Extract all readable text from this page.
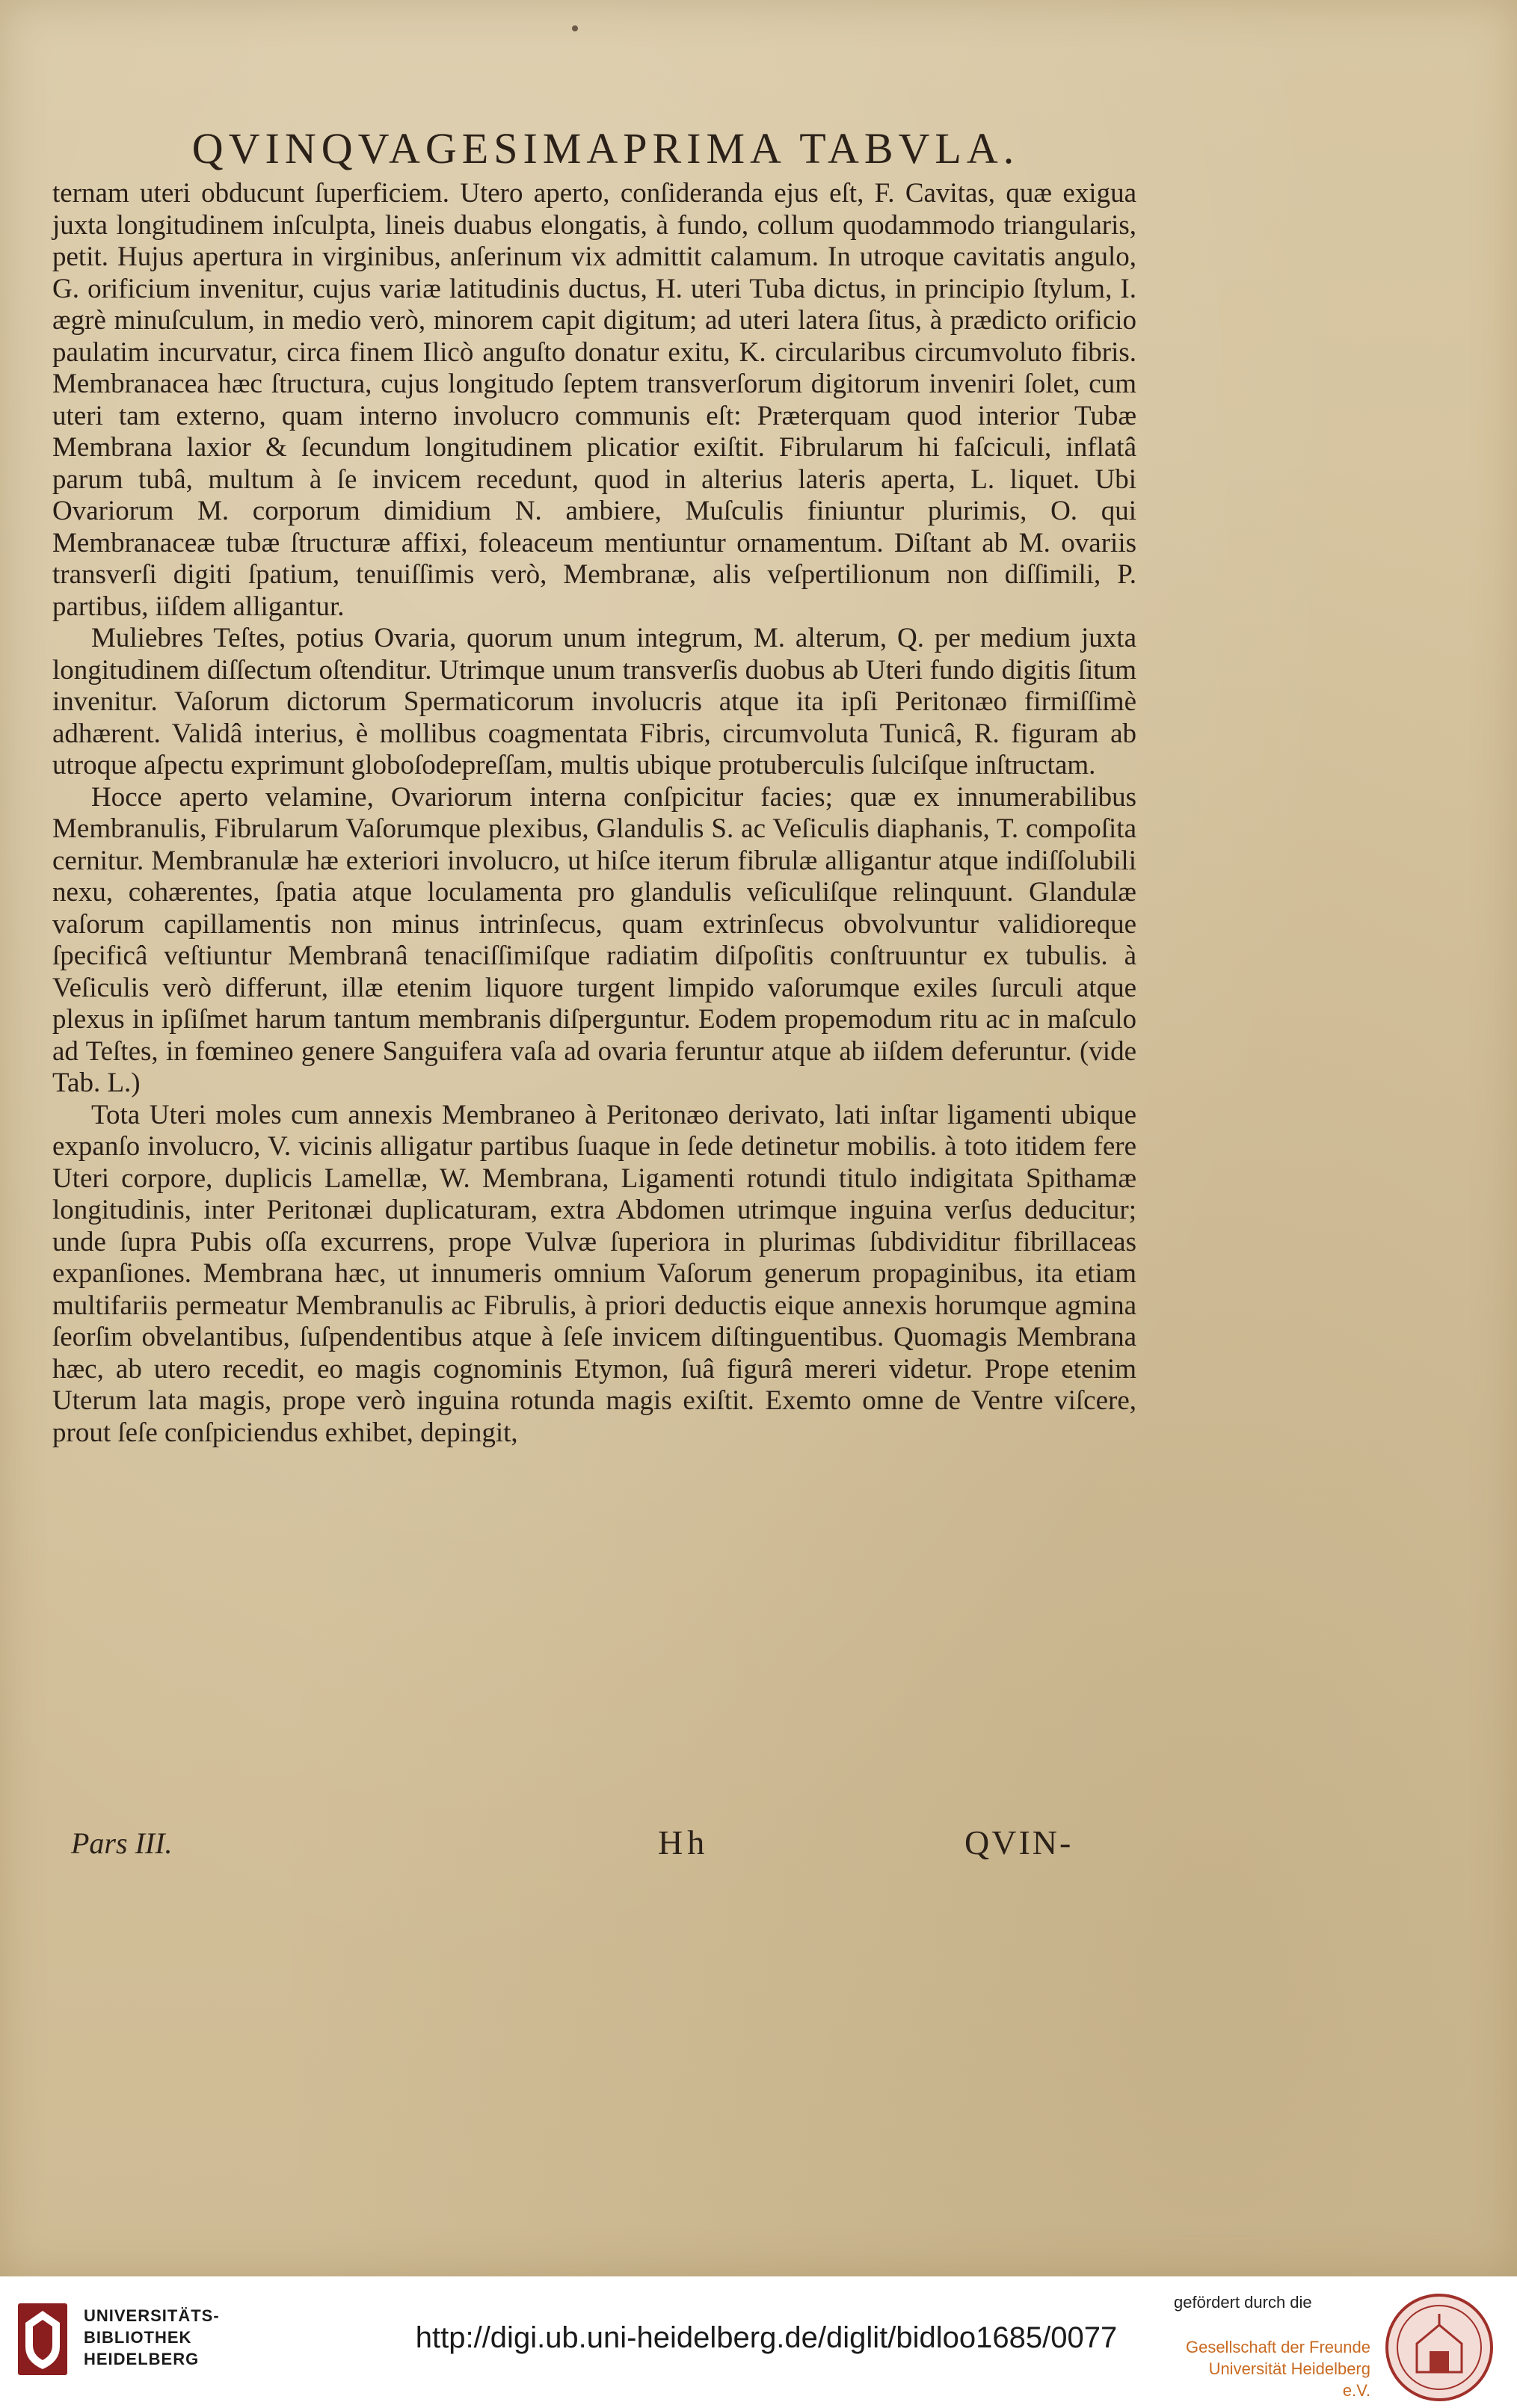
QVINQVAGESIMAPRIMA TABVLA.

ternam uteri obducunt ſuperficiem. Utero aperto, conſideranda ejus eſt, F. Cavitas, quæ exigua juxta longitudinem inſculpta, lineis duabus elongatis, à fundo, collum quodammodo triangularis, petit. Hujus apertura in virginibus, anſerinum vix admittit calamum. In utroque cavitatis angulo, G. orificium invenitur, cujus variæ latitudinis ductus, H. uteri Tuba dictus, in principio ſtylum, I. ægrè minuſculum, in medio verò, minorem capit digitum; ad uteri latera ſitus, à prædicto orificio paulatim incurvatur, circa finem Ilicò anguſto donatur exitu, K. circularibus circumvoluto fibris. Membranacea hæc ſtructura, cujus longitudo ſeptem transverſorum digitorum inveniri ſolet, cum uteri tam externo, quam interno involucro communis eſt: Præterquam quod interior Tubæ Membrana laxior & ſecundum longitudinem plicatior exiſtit. Fibrularum hi faſciculi, inflatâ parum tubâ, multum à ſe invicem recedunt, quod in alterius lateris aperta, L. liquet. Ubi Ovariorum M. corporum dimidium N. ambiere, Muſculis finiuntur plurimis, O. qui Membranaceæ tubæ ſtructuræ affixi, foleaceum mentiuntur ornamentum. Diſtant ab M. ovariis transverſi digiti ſpatium, tenuiſſimis verò, Membranæ, alis veſpertilionum non diſſimili, P. partibus, iiſdem alligantur.

Muliebres Teſtes, potius Ovaria, quorum unum integrum, M. alterum, Q. per medium juxta longitudinem diſſectum oſtenditur. Utrimque unum transverſis duobus ab Uteri fundo digitis ſitum invenitur. Vaſorum dictorum Spermaticorum involucris atque ita ipſi Peritonæo firmiſſimè adhærent. Validâ interius, è mollibus coagmentata Fibris, circumvoluta Tunicâ, R. figuram ab utroque aſpectu exprimunt globoſodepreſſam, multis ubique protuberculis ſulciſque inſtructam.

Hocce aperto velamine, Ovariorum interna conſpicitur facies; quæ ex innumerabilibus Membranulis, Fibrularum Vaſorumque plexibus, Glandulis S. ac Veſiculis diaphanis, T. compoſita cernitur. Membranulæ hæ exteriori involucro, ut hiſce iterum fibrulæ alligantur atque indiſſolubili nexu, cohærentes, ſpatia atque loculamenta pro glandulis veſiculiſque relinquunt. Glandulæ vaſorum capillamentis non minus intrinſecus, quam extrinſecus obvolvuntur validioreque ſpecificâ veſtiuntur Membranâ tenaciſſimiſque radiatim diſpoſitis conſtruuntur ex tubulis. à Veſiculis verò differunt, illæ etenim liquore turgent limpido vaſorumque exiles ſurculi atque plexus in ipſiſmet harum tantum membranis diſperguntur. Eodem propemodum ritu ac in maſculo ad Teſtes, in fœmineo genere Sanguifera vaſa ad ovaria feruntur atque ab iiſdem deferuntur. (vide Tab. L.)

Tota Uteri moles cum annexis Membraneo à Peritonæo derivato, lati inſtar ligamenti ubique expanſo involucro, V. vicinis alligatur partibus ſuaque in ſede detinetur mobilis. à toto itidem fere Uteri corpore, duplicis Lamellæ, W. Membrana, Ligamenti rotundi titulo indigitata Spithamæ longitudinis, inter Peritonæi duplicaturam, extra Abdomen utrimque inguina verſus deducitur; unde ſupra Pubis oſſa excurrens, prope Vulvæ ſuperiora in plurimas ſubdividitur fibrillaceas expanſiones. Membrana hæc, ut innumeris omnium Vaſorum generum propaginibus, ita etiam multifariis permeatur Membranulis ac Fibrulis, à priori deductis eique annexis horumque agmina ſeorſim obvelantibus, ſuſpendentibus atque à ſeſe invicem diſtinguentibus. Quomagis Membrana hæc, ab utero recedit, eo magis cognominis Etymon, ſuâ figurâ mereri videtur. Prope etenim Uterum lata magis, prope verò inguina rotunda magis exiſtit. Exemto omne de Ventre viſcere, prout ſeſe conſpiciendus exhibet, depingit,

Pars III.	Hh	QVIN-
UNIVERSITÄTS-
BIBLIOTHEK
HEIDELBERG
http://digi.ub.uni-heidelberg.de/diglit/bidloo1685/0077
gefördert durch die
Gesellschaft der Freunde
Universität Heidelberg e.V.
